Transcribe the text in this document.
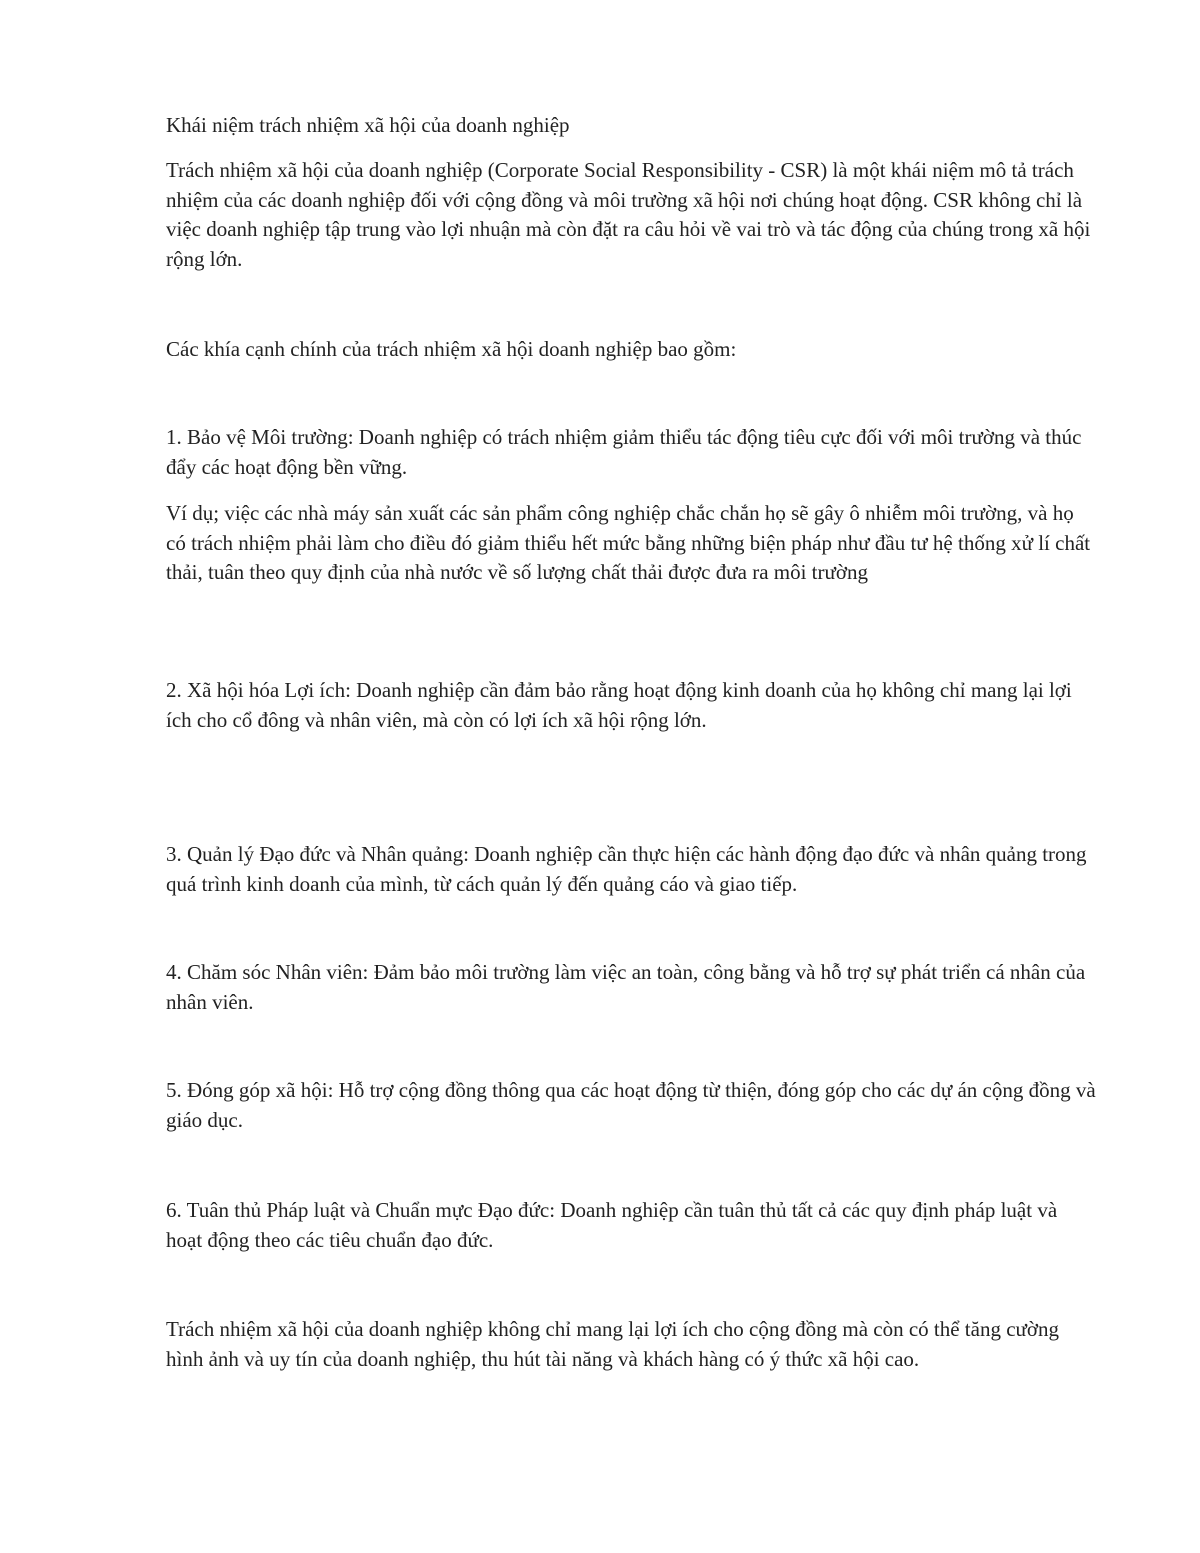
Khái niệm trách nhiệm xã hội của doanh nghiệp

Trách nhiệm xã hội của doanh nghiệp (Corporate Social Responsibility - CSR) là một khái niệm mô tả trách nhiệm của các doanh nghiệp đối với cộng đồng và môi trường xã hội nơi chúng hoạt động. CSR không chỉ là việc doanh nghiệp tập trung vào lợi nhuận mà còn đặt ra câu hỏi về vai trò và tác động của chúng trong xã hội rộng lớn.

Các khía cạnh chính của trách nhiệm xã hội doanh nghiệp bao gồm:

1. Bảo vệ Môi trường: Doanh nghiệp có trách nhiệm giảm thiểu tác động tiêu cực đối với môi trường và thúc đẩy các hoạt động bền vững.

Ví dụ; việc các nhà máy sản xuất các sản phẩm công nghiệp chắc chắn họ sẽ gây ô nhiễm môi trường, và họ có trách nhiệm phải làm cho điều đó giảm thiểu hết mức bằng những biện pháp như đầu tư hệ thống xử lí chất thải, tuân theo quy định của nhà nước về số lượng chất thải được đưa ra môi trường

2. Xã hội hóa Lợi ích: Doanh nghiệp cần đảm bảo rằng hoạt động kinh doanh của họ không chỉ mang lại lợi ích cho cổ đông và nhân viên, mà còn có lợi ích xã hội rộng lớn.

3. Quản lý Đạo đức và Nhân quảng: Doanh nghiệp cần thực hiện các hành động đạo đức và nhân quảng trong quá trình kinh doanh của mình, từ cách quản lý đến quảng cáo và giao tiếp.

4. Chăm sóc Nhân viên: Đảm bảo môi trường làm việc an toàn, công bằng và hỗ trợ sự phát triển cá nhân của nhân viên.

5. Đóng góp xã hội: Hỗ trợ cộng đồng thông qua các hoạt động từ thiện, đóng góp cho các dự án cộng đồng và giáo dục.

6. Tuân thủ Pháp luật và Chuẩn mực Đạo đức: Doanh nghiệp cần tuân thủ tất cả các quy định pháp luật và hoạt động theo các tiêu chuẩn đạo đức.

Trách nhiệm xã hội của doanh nghiệp không chỉ mang lại lợi ích cho cộng đồng mà còn có thể tăng cường hình ảnh và uy tín của doanh nghiệp, thu hút tài năng và khách hàng có ý thức xã hội cao.
